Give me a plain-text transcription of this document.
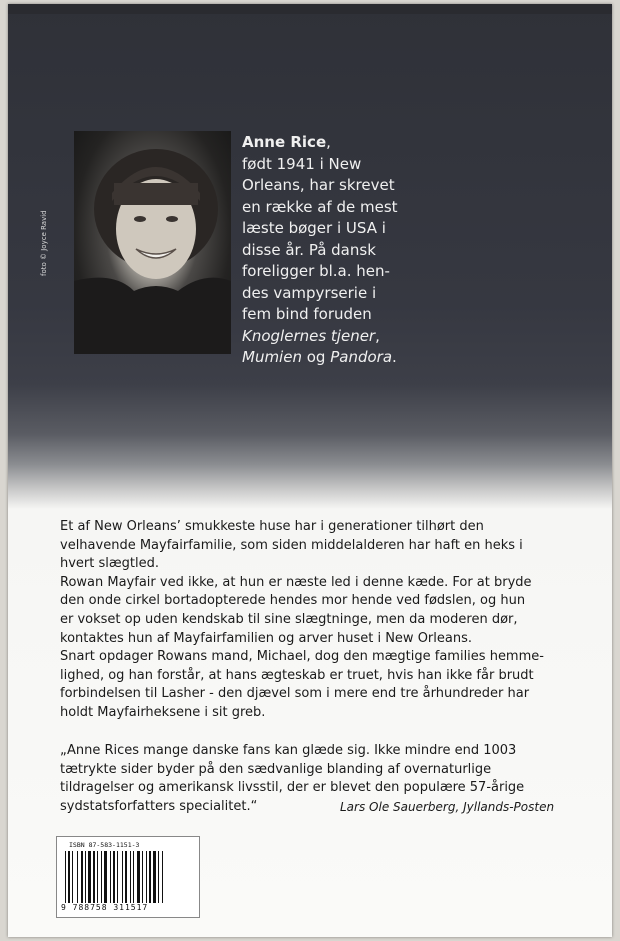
foto © Joyce Ravid
Anne Rice,
født 1941 i New
Orleans, har skrevet
en række af de mest
læste bøger i USA i
disse år. På dansk
foreligger bl.a. hen-
des vampyrserie i
fem bind foruden
Knoglernes tjener,
Mumien og Pandora.
Et af New Orleans’ smukkeste huse har i generationer tilhørt den
velhavende Mayfairfamilie, som siden middelalderen har haft en heks i
hvert slægtled.
Rowan Mayfair ved ikke, at hun er næste led i denne kæde. For at bryde
den onde cirkel bortadopterede hendes mor hende ved fødslen, og hun
er vokset op uden kendskab til sine slægtninge, men da moderen dør,
kontaktes hun af Mayfairfamilien og arver huset i New Orleans.
Snart opdager Rowans mand, Michael, dog den mægtige families hemme-
lighed, og han forstår, at hans ægteskab er truet, hvis han ikke får brudt
forbindelsen til Lasher - den djævel som i mere end tre århundreder har
holdt Mayfairheksene i sit greb.
„Anne Rices mange danske fans kan glæde sig. Ikke mindre end 1003
tætrykte sider byder på den sædvanlige blanding af overnaturlige
tildragelser og amerikansk livsstil, der er blevet den populære 57-årige
sydstatsforfatters specialitet.“	Lars Ole Sauerberg, Jyllands-Posten
ISBN 87-583-1151-3
9 788758 311517
